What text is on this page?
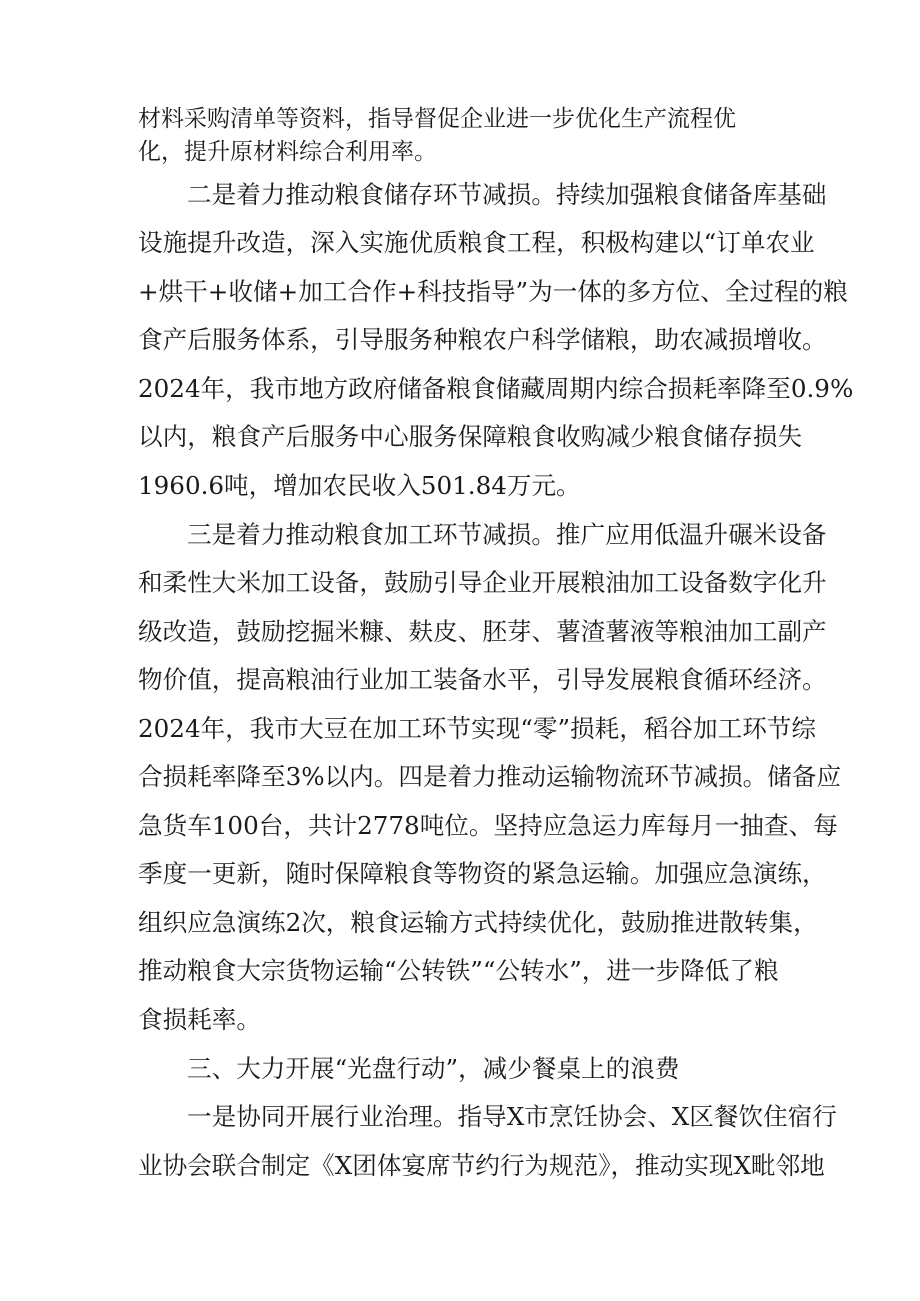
材料采购清单等资料，指导督促企业进一步优化生产流程优

化，提升原材料综合利用率。

二是着力推动粮食储存环节减损。持续加强粮食储备库基础

设施提升改造，深入实施优质粮食工程，积极构建以“订单农业

+烘干+收储+加工合作+科技指导”为一体的多方位、全过程的粮

食产后服务体系，引导服务种粮农户科学储粮，助农减损增收。

2024年，我市地方政府储备粮食储藏周期内综合损耗率降至0.9%

以内，粮食产后服务中心服务保障粮食收购减少粮食储存损失

1960.6吨，增加农民收入501.84万元。

三是着力推动粮食加工环节减损。推广应用低温升碾米设备

和柔性大米加工设备，鼓励引导企业开展粮油加工设备数字化升

级改造，鼓励挖掘米糠、麸皮、胚芽、薯渣薯液等粮油加工副产

物价值，提高粮油行业加工装备水平，引导发展粮食循环经济。

2024年，我市大豆在加工环节实现“零”损耗，稻谷加工环节综

合损耗率降至3%以内。四是着力推动运输物流环节减损。储备应

急货车100台，共计2778吨位。坚持应急运力库每月一抽查、每

季度一更新，随时保障粮食等物资的紧急运输。加强应急演练，

组织应急演练2次，粮食运输方式持续优化，鼓励推进散转集，

推动粮食大宗货物运输“公转铁”“公转水”，进一步降低了粮

食损耗率。

三、大力开展“光盘行动”，减少餐桌上的浪费

一是协同开展行业治理。指导X市烹饪协会、X区餐饮住宿行

业协会联合制定《X团体宴席节约行为规范》，推动实现X毗邻地
